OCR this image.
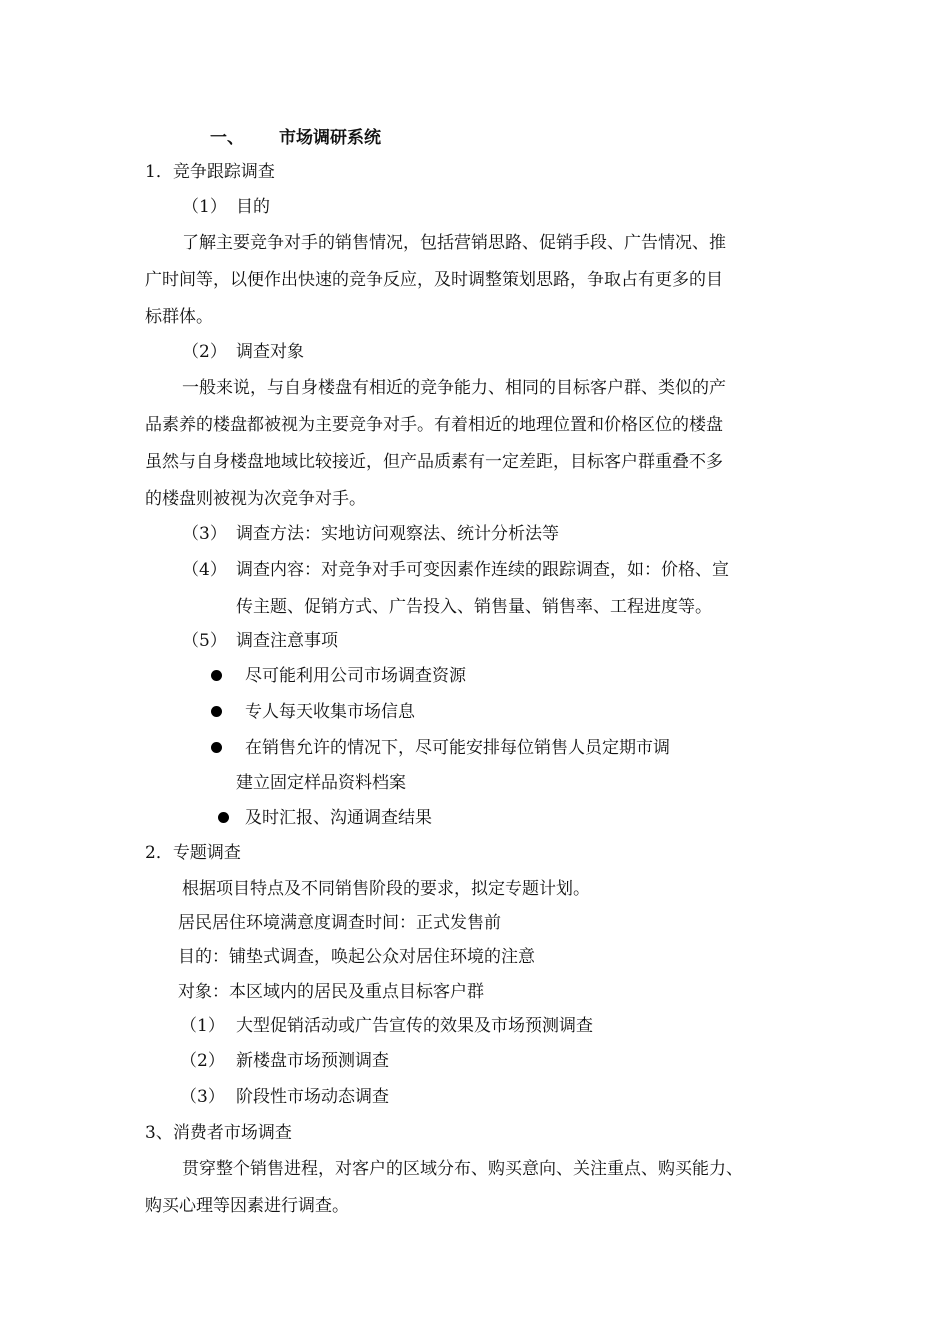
一、 市场调研系统
1．竞争跟踪调查
（1） 目的
了解主要竞争对手的销售情况，包括营销思路、促销手段、广告情况、推
广时间等，以便作出快速的竞争反应，及时调整策划思路，争取占有更多的目
标群体。
（2） 调查对象
一般来说，与自身楼盘有相近的竞争能力、相同的目标客户群、类似的产
品素养的楼盘都被视为主要竞争对手。有着相近的地理位置和价格区位的楼盘
虽然与自身楼盘地域比较接近，但产品质素有一定差距，目标客户群重叠不多
的楼盘则被视为次竞争对手。
（3） 调查方法：实地访问观察法、统计分析法等
（4） 调查内容：对竞争对手可变因素作连续的跟踪调查，如：价格、宣
传主题、促销方式、广告投入、销售量、销售率、工程进度等。
（5） 调查注意事项
尽可能利用公司市场调查资源
专人每天收集市场信息
在销售允许的情况下，尽可能安排每位销售人员定期市调
建立固定样品资料档案
及时汇报、沟通调查结果
2．专题调查
根据项目特点及不同销售阶段的要求，拟定专题计划。
居民居住环境满意度调查时间：正式发售前
目的：铺垫式调查，唤起公众对居住环境的注意
对象：本区域内的居民及重点目标客户群
（1） 大型促销活动或广告宣传的效果及市场预测调查
（2） 新楼盘市场预测调查
（3） 阶段性市场动态调查
3、消费者市场调查
贯穿整个销售进程，对客户的区域分布、购买意向、关注重点、购买能力、
购买心理等因素进行调查。
